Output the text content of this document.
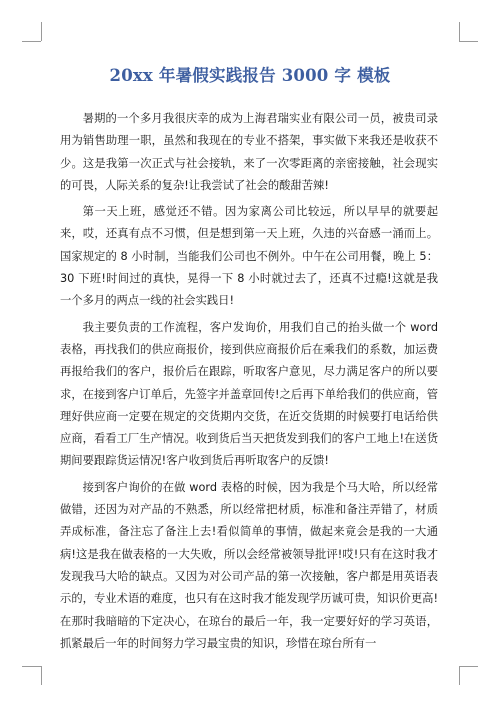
20xx 年暑假实践报告 3000 字 模板

暑期的一个多月我很庆幸的成为上海君瑞实业有限公司一员，被贵司录用为销售助理一职，虽然和我现在的专业不搭架，事实做下来我还是收获不少。这是我第一次正式与社会接轨，来了一次零距离的亲密接触，社会现实的可畏，人际关系的复杂!让我尝试了社会的酸甜苦辣!

第一天上班，感觉还不错。因为家离公司比较远，所以早早的就要起来，哎，还真有点不习惯，但是想到第一天上班，久违的兴奋感一涌而上。国家规定的 8 小时制，当能我们公司也不例外。中午在公司用餐，晚上 5：30 下班!时间过的真快，晃得一下 8 小时就过去了，还真不过瘾!这就是我一个多月的两点一线的社会实践日!

我主要负责的工作流程，客户发询价，用我们自己的抬头做一个 word 表格，再找我们的供应商报价，接到供应商报价后在乘我们的系数，加运费再报给我们的客户，报价后在跟踪，听取客户意见，尽力满足客户的所以要求，在接到客户订单后，先签字并盖章回传!之后再下单给我们的供应商，管理好供应商一定要在规定的交货期内交货，在近交货期的时候要打电话给供应商，看看工厂生产情况。收到货后当天把货发到我们的客户工地上!在送货期间要跟踪货运情况!客户收到货后再听取客户的反馈!

接到客户询价的在做 word 表格的时候，因为我是个马大哈，所以经常做错，还因为对产品的不熟悉，所以经常把材质，标准和备注弄错了，材质弄成标准，备注忘了备注上去!看似简单的事情，做起来竟会是我的一大通病!这是我在做表格的一大失败，所以会经常被领导批评!哎!只有在这时我才发现我马大哈的缺点。又因为对公司产品的第一次接触，客户都是用英语表示的，专业术语的难度，也只有在这时我才能发现学历诚可贵，知识价更高!在那时我暗暗的下定决心，在琼台的最后一年，我一定要好好的学习英语，抓紧最后一年的时间努力学习最宝贵的知识，珍惜在琼台所有一
